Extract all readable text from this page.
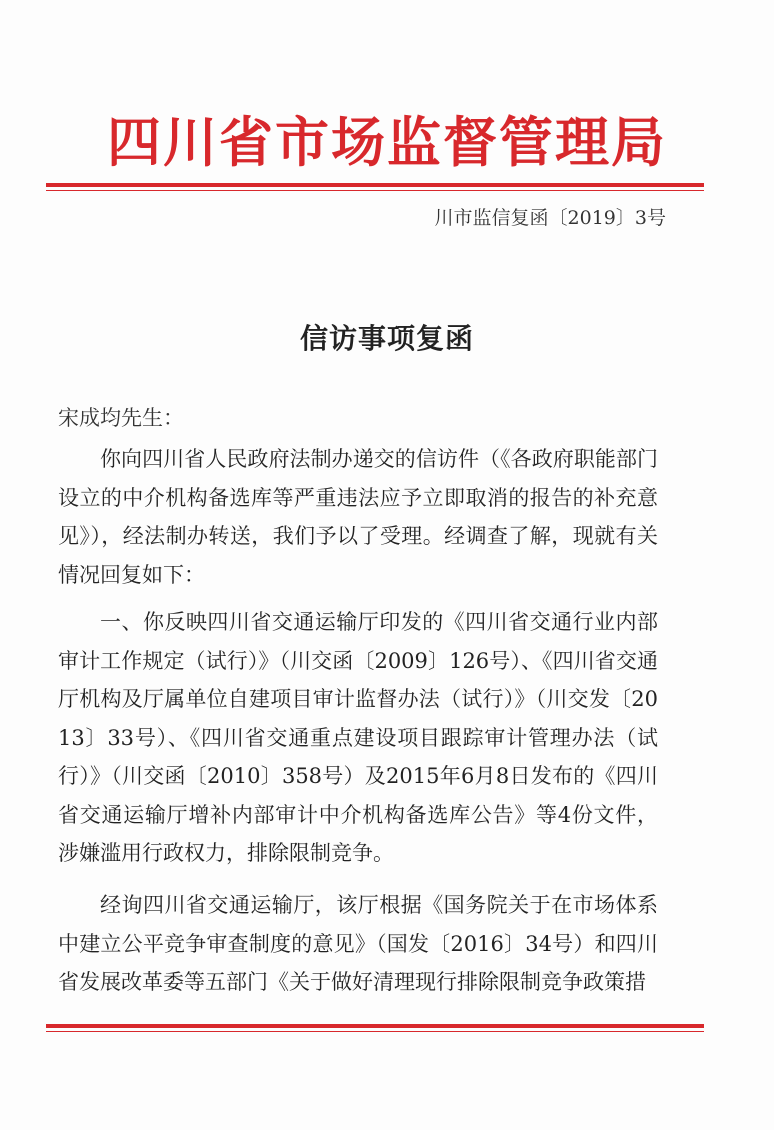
四川省市场监督管理局
川市监信复函〔2019〕3号
信访事项复函
宋成均先生：
你向四川省人民政府法制办递交的信访件（《各政府职能部门设立的中介机构备选库等严重违法应予立即取消的报告的补充意见》），经法制办转送，我们予以了受理。经调查了解，现就有关情况回复如下：
一、你反映四川省交通运输厅印发的《四川省交通行业内部审计工作规定（试行）》（川交函〔2009〕126号）、《四川省交通厅机构及厅属单位自建项目审计监督办法（试行）》（川交发〔2013〕33号）、《四川省交通重点建设项目跟踪审计管理办法（试行）》（川交函〔2010〕358号）及2015年6月8日发布的《四川省交通运输厅增补内部审计中介机构备选库公告》等4份文件，涉嫌滥用行政权力，排除限制竞争。
经询四川省交通运输厅，该厅根据《国务院关于在市场体系中建立公平竞争审查制度的意见》（国发〔2016〕34号）和四川省发展改革委等五部门《关于做好清理现行排除限制竞争政策措
